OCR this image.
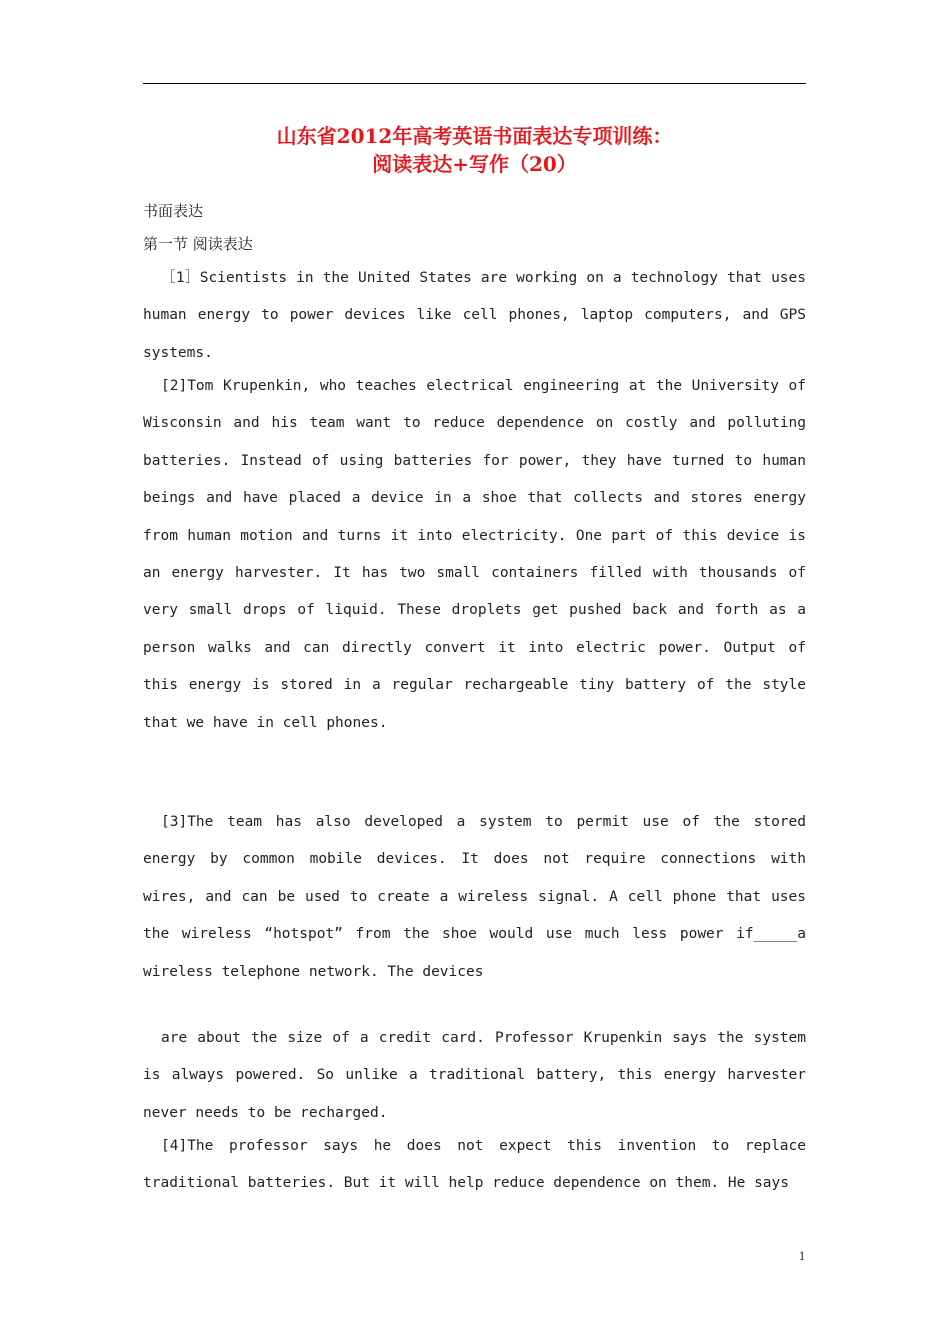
山东省2012年高考英语书面表达专项训练：
阅读表达+写作（20）
书面表达
第一节 阅读表达
［1］Scientists in the United States are working on a technology that uses human energy to power devices like cell phones, laptop computers, and GPS systems.
[2]Tom Krupenkin, who teaches electrical engineering at the University of Wisconsin and his team want to reduce dependence on costly and polluting batteries. Instead of using batteries for power, they have turned to human beings and have placed a device in a shoe that collects and stores energy from human motion and turns it into electricity. One part of this device is an energy harvester. It has two small containers filled with thousands of very small drops of liquid. These droplets get pushed back and forth as a person walks and can directly convert it into electric power. Output of this energy is stored in a regular rechargeable tiny battery of the style that we have in cell phones.
[3]The team has also developed a system to permit use of the stored energy by common mobile devices. It does not require connections with wires, and can be used to create a wireless signal. A cell phone that uses the wireless “hotspot” from the shoe would use much less power if_____a wireless telephone network. The devices
are about the size of a credit card. Professor Krupenkin says the system is always powered. So unlike a traditional battery, this energy harvester never needs to be recharged.
[4]The professor says he does not expect this invention to replace traditional batteries. But it will help reduce dependence on them. He says
1
